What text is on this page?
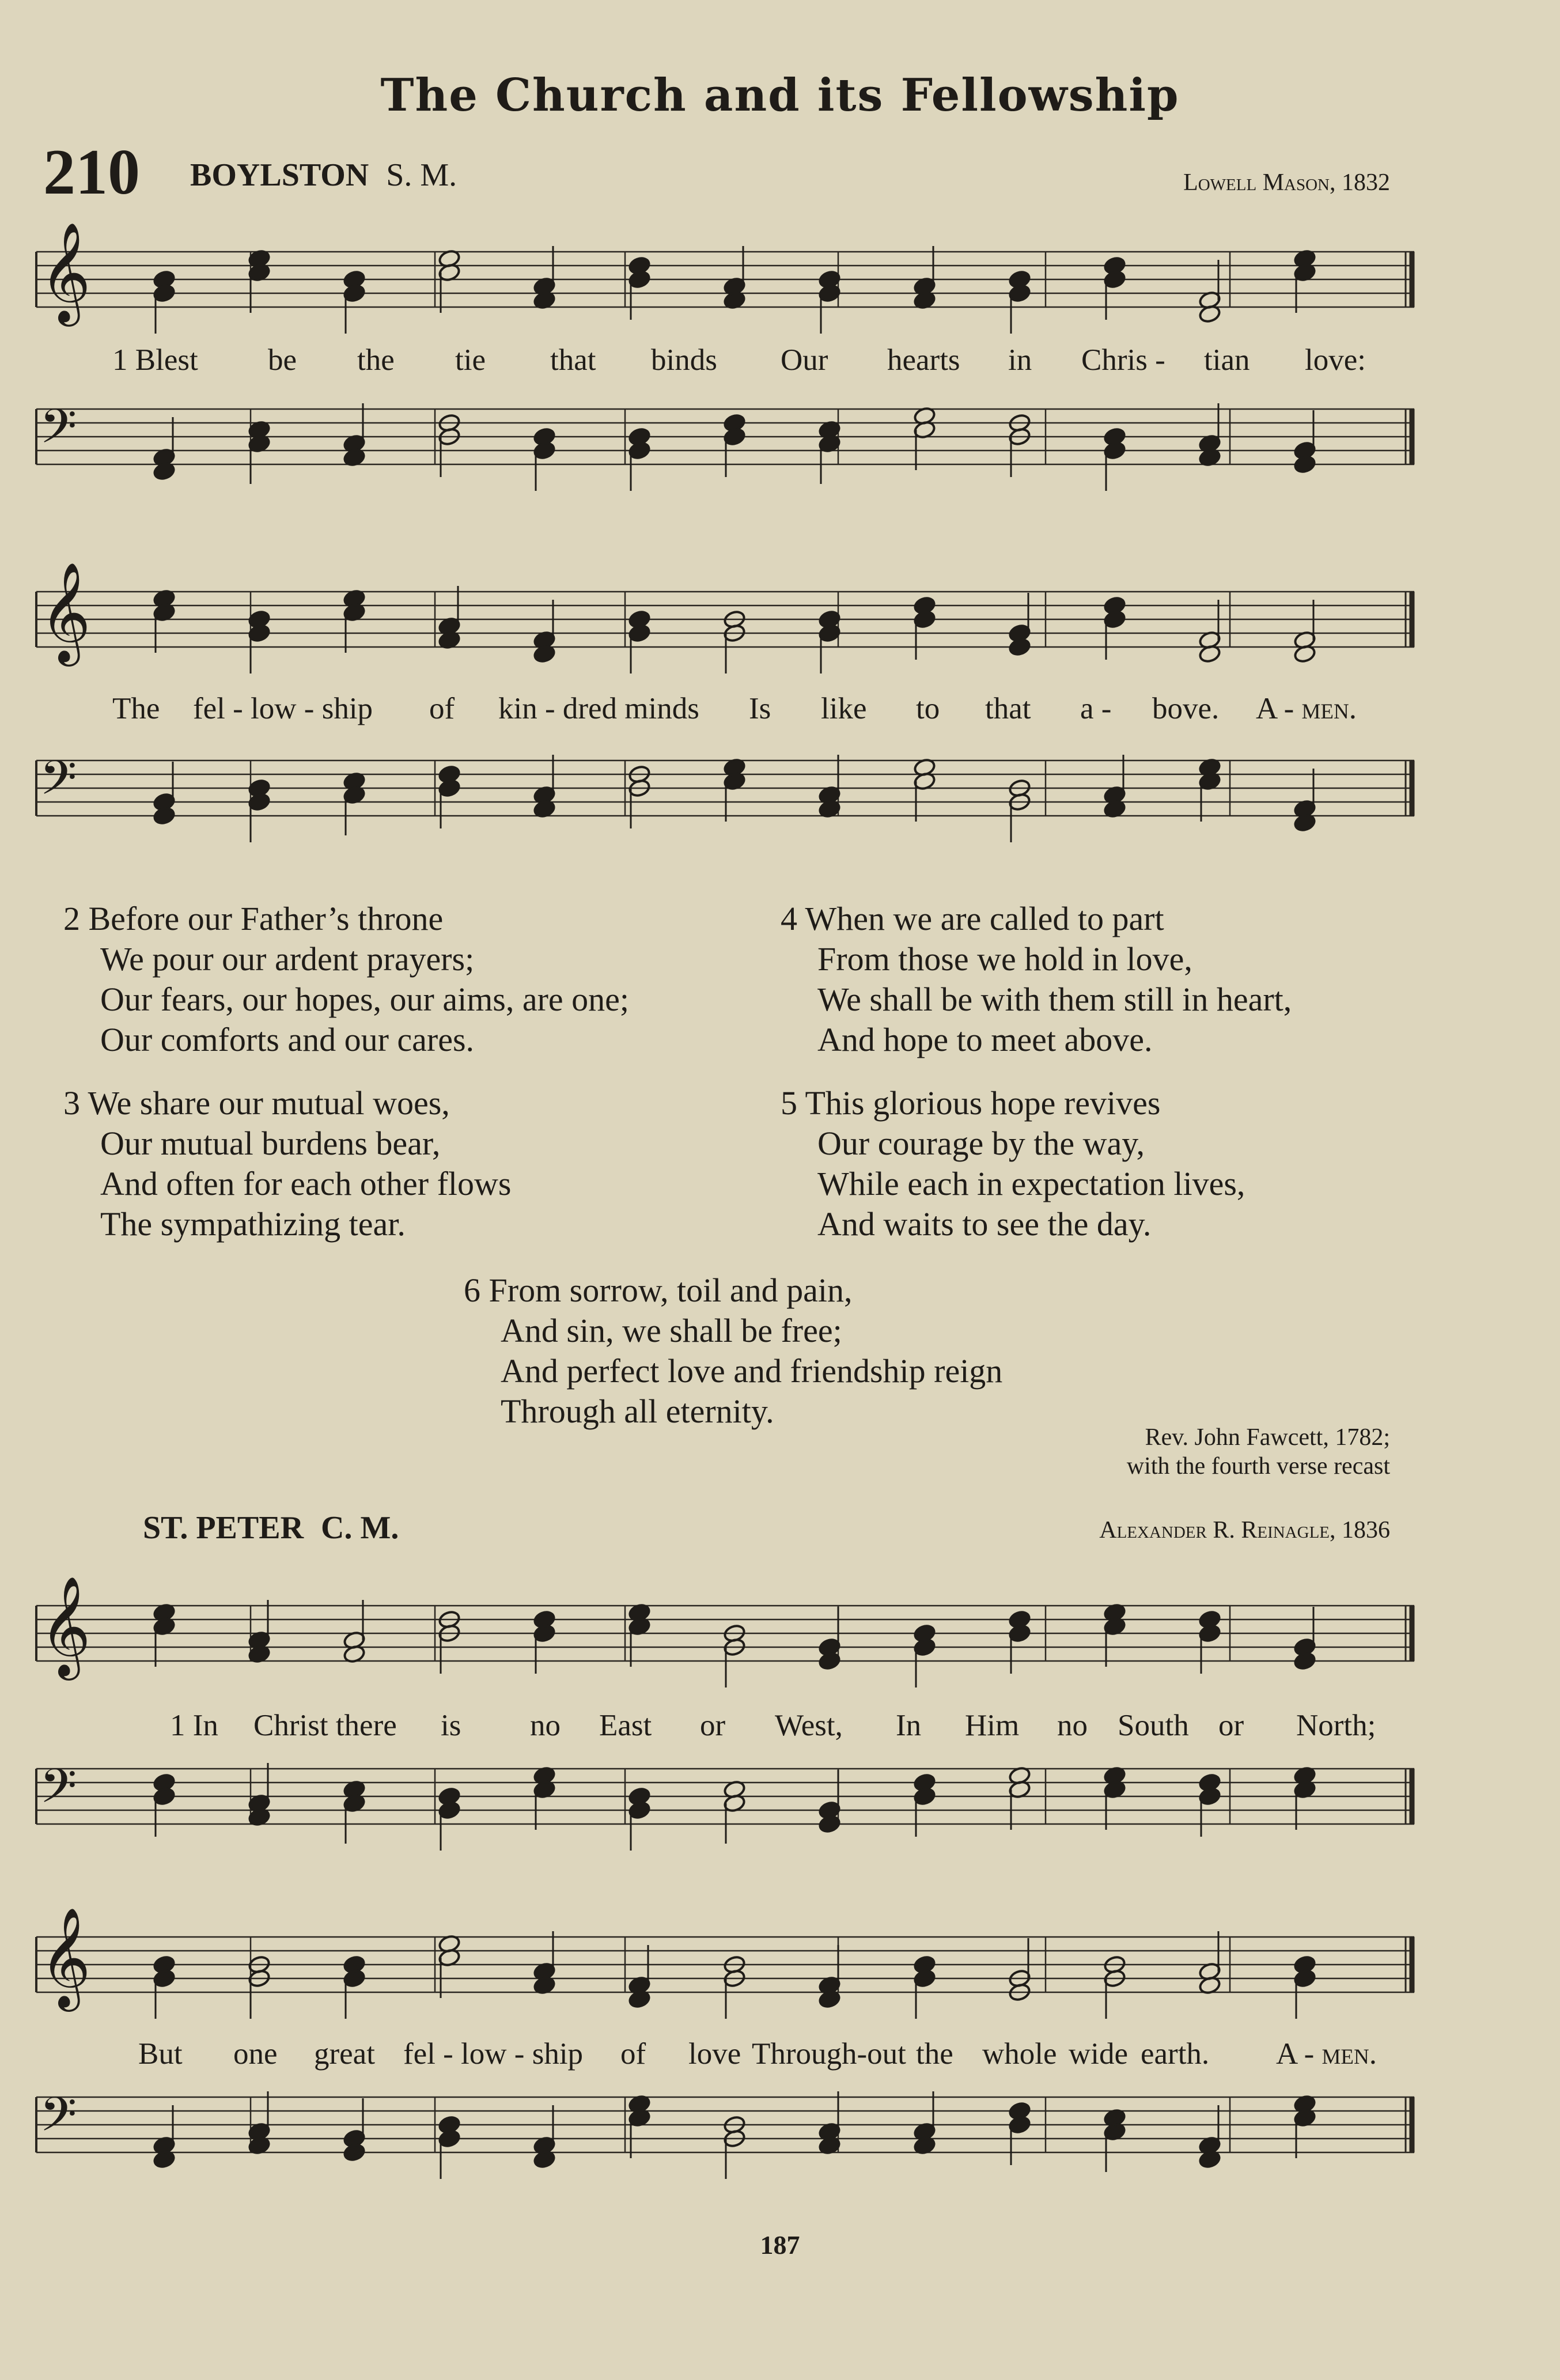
The Church and its Fellowship
210 BOYLSTON S. M.	Lowell Mason, 1832
𝄞
1 Blest be the tie that binds Our hearts in Chris - tian love:
𝄢
𝄞
The fel - low - ship of kin - dred minds Is like to that a - bove. A - men.
𝄢
2 Before our Father’s throne
We pour our ardent prayers;
Our fears, our hopes, our aims, are one;
Our comforts and our cares.
3 We share our mutual woes,
Our mutual burdens bear,
And often for each other flows
The sympathizing tear.
4 When we are called to part
From those we hold in love,
We shall be with them still in heart,
And hope to meet above.
5 This glorious hope revives
Our courage by the way,
While each in expectation lives,
And waits to see the day.
6 From sorrow, toil and pain,
And sin, we shall be free;
And perfect love and friendship reign
Through all eternity.
Rev. John Fawcett, 1782;
with the fourth verse recast
ST. PETER C. M.	Alexander R. Reinagle, 1836
𝄞
1 In Christ there is no East or West, In Him no South or North;
𝄢
𝄞
But one great fel - low - ship of love Through-out the whole wide earth. A - men.
𝄢
187
